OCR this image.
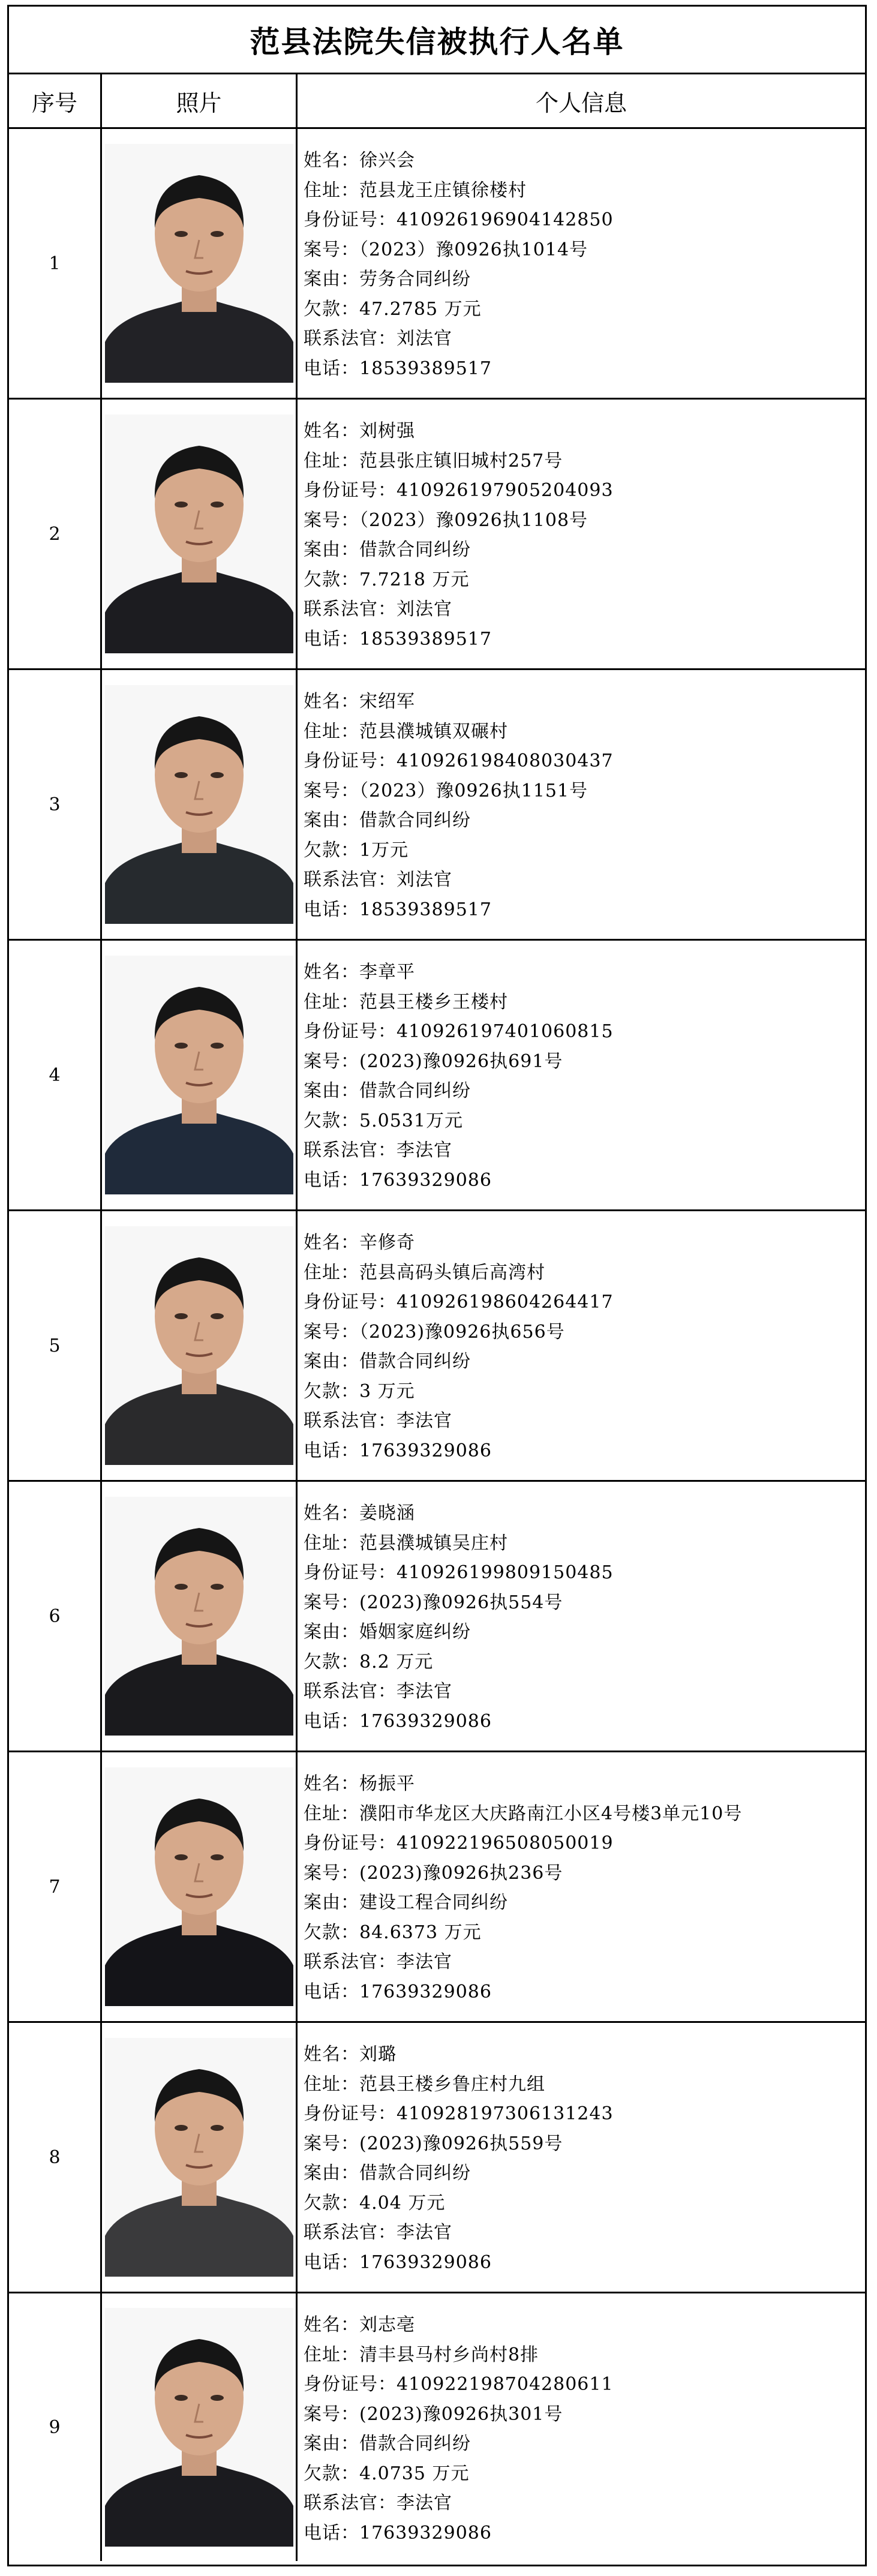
范县法院失信被执行人名单
序号	照片	个人信息
1
姓名：徐兴会
住址：范县龙王庄镇徐楼村
身份证号：410926196904142850
案号：（2023）豫0926执1014号
案由：劳务合同纠纷
欠款：47.2785 万元
联系法官：刘法官
电话：18539389517
2
姓名：刘树强
住址：范县张庄镇旧城村257号
身份证号：410926197905204093
案号：（2023）豫0926执1108号
案由：借款合同纠纷
欠款：7.7218 万元
联系法官：刘法官
电话：18539389517
3
姓名：宋绍军
住址：范县濮城镇双碾村
身份证号：410926198408030437
案号：（2023）豫0926执1151号
案由：借款合同纠纷
欠款：1万元
联系法官：刘法官
电话：18539389517
4
姓名：李章平
住址：范县王楼乡王楼村
身份证号：410926197401060815
案号：(2023)豫0926执691号
案由：借款合同纠纷
欠款：5.0531万元
联系法官：李法官
电话：17639329086
5
姓名：辛修奇
住址：范县高码头镇后高湾村
身份证号：410926198604264417
案号：（2023)豫0926执656号
案由：借款合同纠纷
欠款：3 万元
联系法官：李法官
电话：17639329086
6
姓名：姜晓涵
住址：范县濮城镇吴庄村
身份证号：410926199809150485
案号：(2023)豫0926执554号
案由：婚姻家庭纠纷
欠款：8.2 万元
联系法官：李法官
电话：17639329086
7
姓名：杨振平
住址：濮阳市华龙区大庆路南江小区4号楼3单元10号
身份证号：410922196508050019
案号：(2023)豫0926执236号
案由：建设工程合同纠纷
欠款：84.6373 万元
联系法官：李法官
电话：17639329086
8
姓名：刘璐
住址：范县王楼乡鲁庄村九组
身份证号：410928197306131243
案号：(2023)豫0926执559号
案由：借款合同纠纷
欠款：4.04 万元
联系法官：李法官
电话：17639329086
9
姓名：刘志亳
住址：清丰县马村乡尚村8排
身份证号：410922198704280611
案号：(2023)豫0926执301号
案由：借款合同纠纷
欠款：4.0735 万元
联系法官：李法官
电话：17639329086
